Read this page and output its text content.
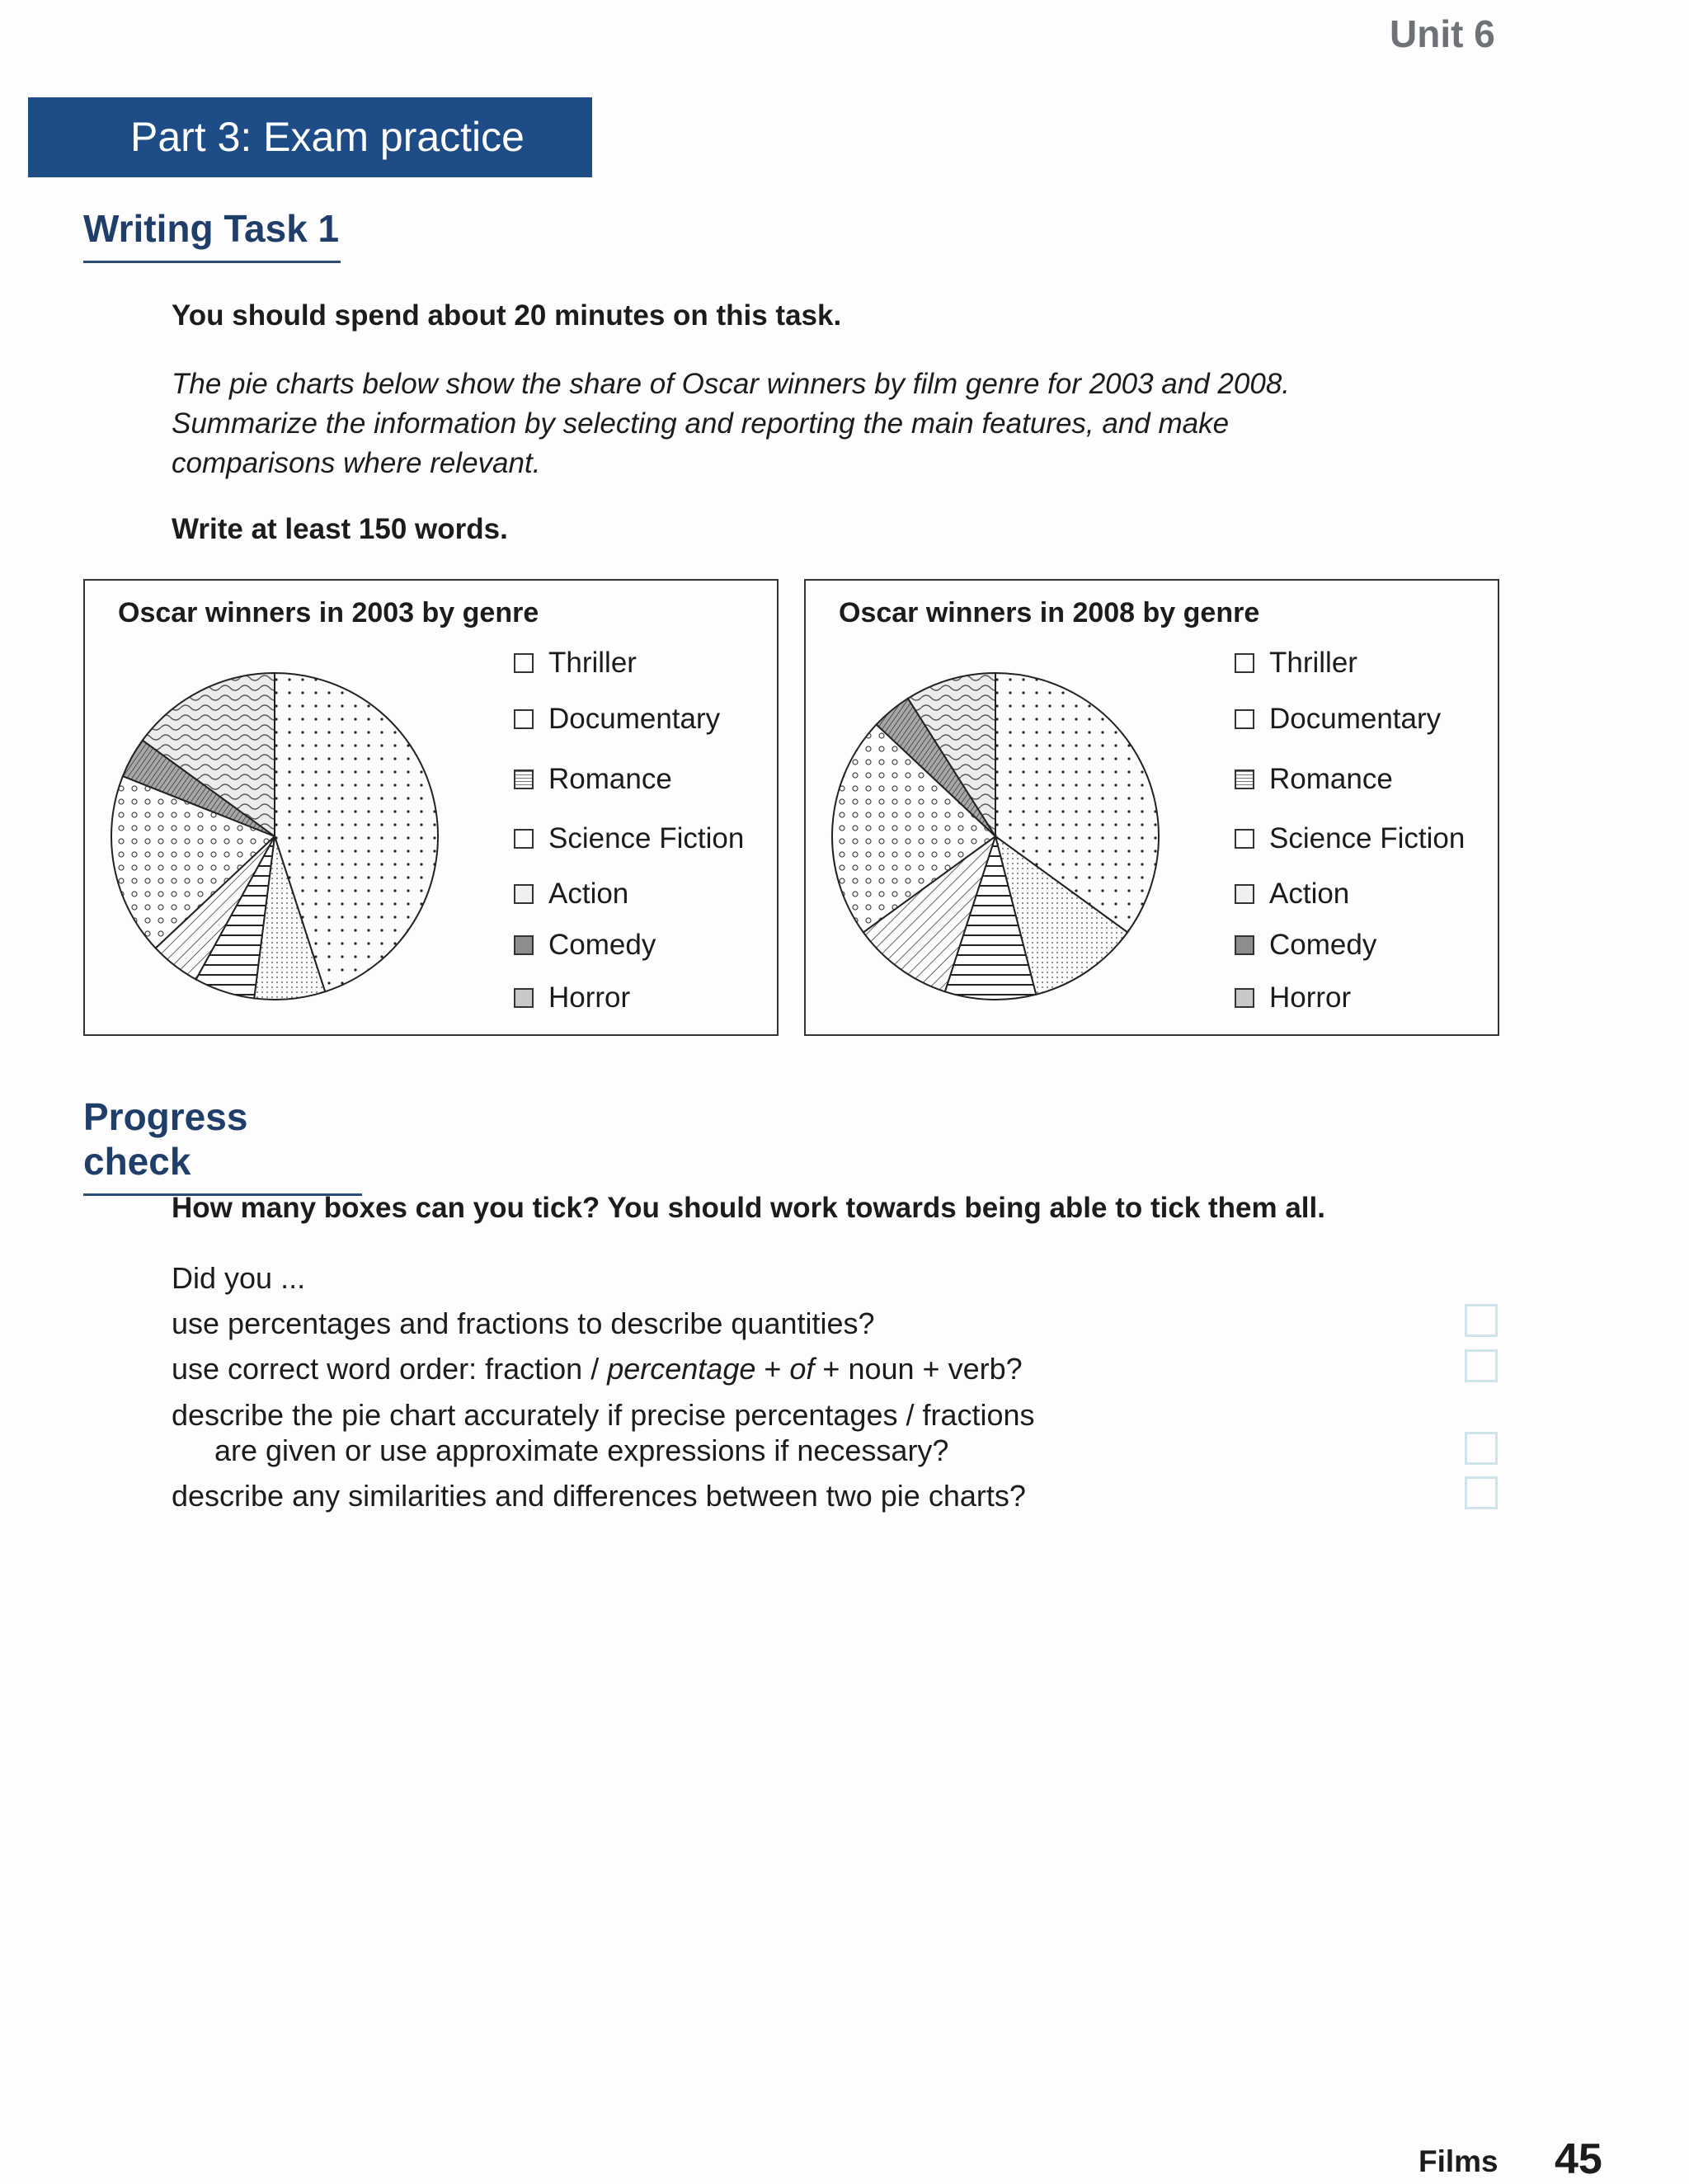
Unit 6
Part 3: Exam practice
Writing Task 1
You should spend about 20 minutes on this task.
The pie charts below show the share of Oscar winners by film genre for 2003 and 2008.
Summarize the information by selecting and reporting the main features, and make
comparisons where relevant.
Write at least 150 words.
Oscar winners in 2003 by genre
Thriller
Documentary
Romance
Science Fiction
Action
Comedy
Horror
Oscar winners in 2008 by genre
Thriller
Documentary
Romance
Science Fiction
Action
Comedy
Horror
Progress check
How many boxes can you tick? You should work towards being able to tick them all.
Did you ...
use percentages and fractions to describe quantities?
use correct word order: fraction / percentage + of + noun + verb?
describe the pie chart accurately if precise percentages / fractions
are given or use approximate expressions if necessary?
describe any similarities and differences between two pie charts?
Films 45
